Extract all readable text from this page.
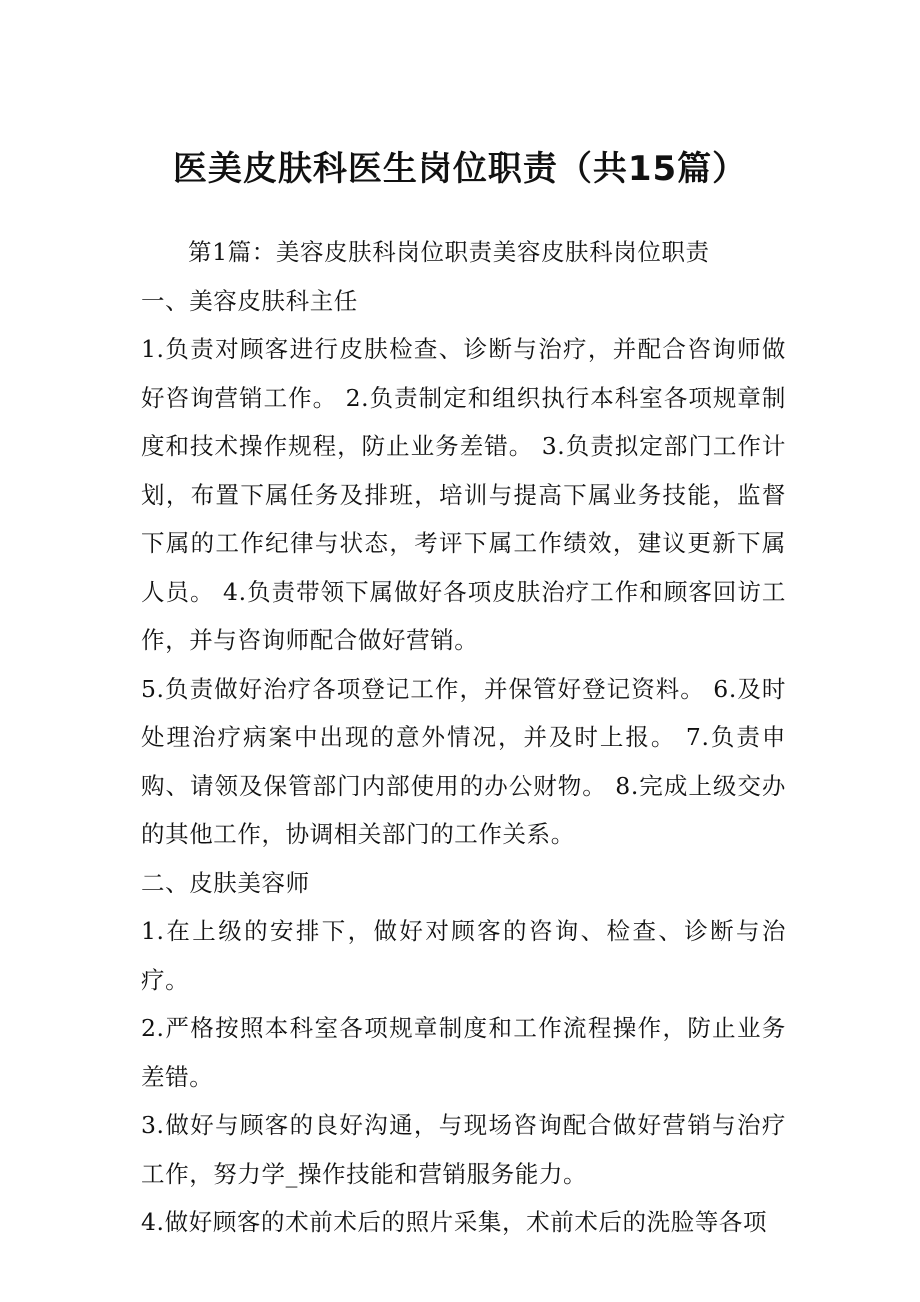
医美皮肤科医生岗位职责（共15篇）

第1篇：美容皮肤科岗位职责美容皮肤科岗位职责

一、美容皮肤科主任

1.负责对顾客进行皮肤检查、诊断与治疗，并配合咨询师做好咨询营销工作。 2.负责制定和组织执行本科室各项规章制度和技术操作规程，防止业务差错。 3.负责拟定部门工作计划，布置下属任务及排班，培训与提高下属业务技能，监督下属的工作纪律与状态，考评下属工作绩效，建议更新下属人员。 4.负责带领下属做好各项皮肤治疗工作和顾客回访工作，并与咨询师配合做好营销。

5.负责做好治疗各项登记工作，并保管好登记资料。 6.及时处理治疗病案中出现的意外情况，并及时上报。 7.负责申购、请领及保管部门内部使用的办公财物。 8.完成上级交办的其他工作，协调相关部门的工作关系。

二、皮肤美容师

1.在上级的安排下，做好对顾客的咨询、检查、诊断与治疗。

2.严格按照本科室各项规章制度和工作流程操作，防止业务差错。

3.做好与顾客的良好沟通，与现场咨询配合做好营销与治疗工作，努力学_操作技能和营销服务能力。

4.做好顾客的术前术后的照片采集，术前术后的洗脸等各项
